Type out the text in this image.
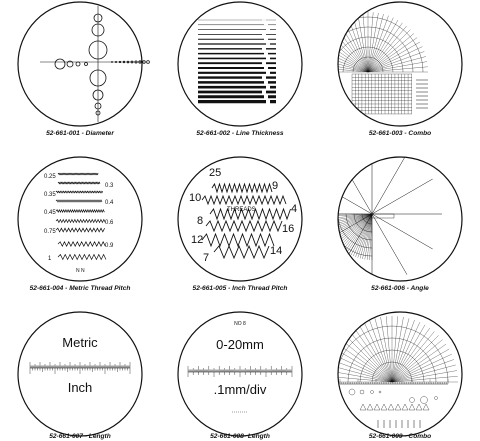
0.25
0.3
0.35
0.4
0.45
0.6
0.75
0.9
1
N N
THREADS
25
9
10
4
8
16
12
14
7
Metric
Inch
NO 8
0-20mm
.1mm/div
52-661-001 - Diameter	52-661-002 - Line Thickness	52-661-003 - Combo
52-661-004 - Metric Thread Pitch	52-661-005 - Inch Thread Pitch	52-661-006 - Angle
52-661-007 - Length	52-661-008- Length	52-661-009 - Combo
